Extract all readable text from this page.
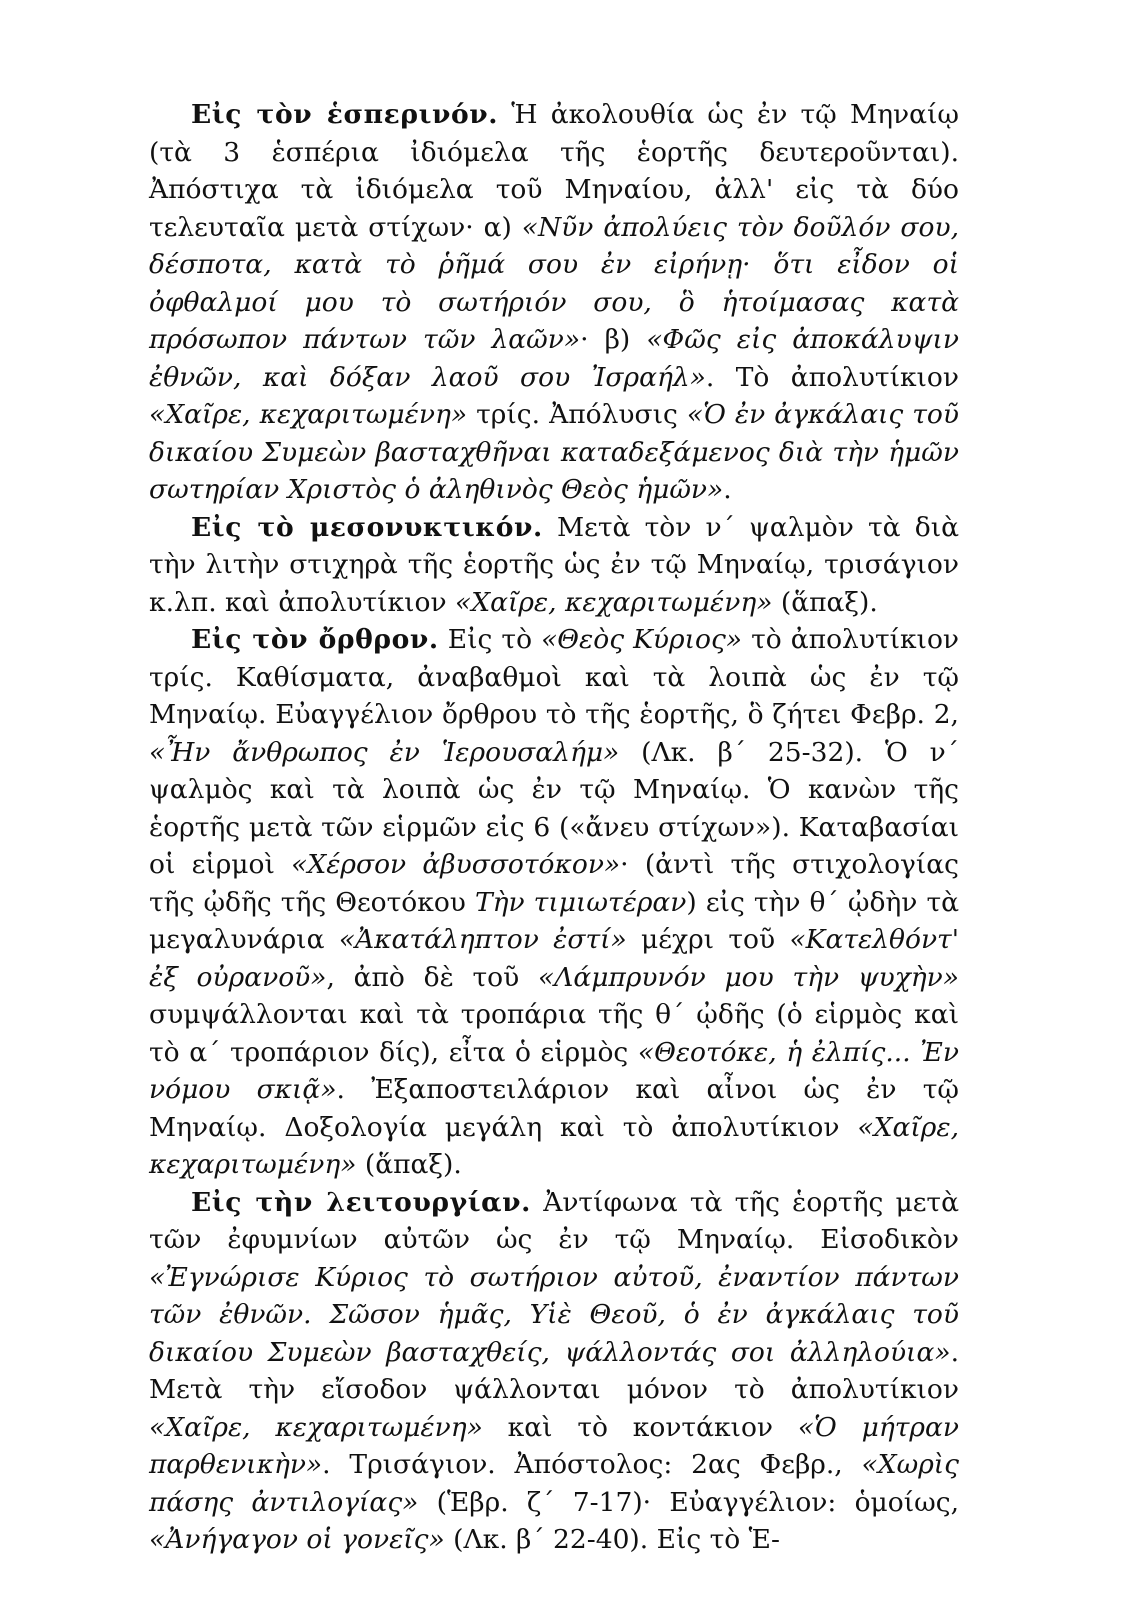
Εἰς τὸν ἑσπερινόν. Ἡ ἀκολουθία ὡς ἐν τῷ Μηναίῳ (τὰ 3 ἑσπέρια ἰδιόμελα τῆς ἑορτῆς δευτεροῦνται). Ἀπόστιχα τὰ ἰδιόμελα τοῦ Μηναίου, ἀλλ' εἰς τὰ δύο τελευταῖα μετὰ στίχων· α) «Νῦν ἀπολύεις τὸν δοῦλόν σου, δέσποτα, κατὰ τὸ ῥῆμά σου ἐν εἰρήνῃ· ὅτι εἶδον οἱ ὀφθαλμοί μου τὸ σωτήριόν σου, ὃ ἡτοίμασας κατὰ πρόσωπον πάντων τῶν λαῶν»· β) «Φῶς εἰς ἀποκάλυψιν ἐθνῶν, καὶ δόξαν λαοῦ σου Ἰσραήλ». Τὸ ἀπολυτίκιον «Χαῖρε, κεχαριτωμένη» τρίς. Ἀπόλυσις «Ὁ ἐν ἀγκάλαις τοῦ δικαίου Συμεὼν βασταχθῆναι καταδεξάμενος διὰ τὴν ἡμῶν σωτηρίαν Χριστὸς ὁ ἀληθινὸς Θεὸς ἡμῶν».

Εἰς τὸ μεσονυκτικόν. Μετὰ τὸν ν΄ ψαλμὸν τὰ διὰ τὴν λιτὴν στιχηρὰ τῆς ἑορτῆς ὡς ἐν τῷ Μηναίῳ, τρισάγιον κ.λπ. καὶ ἀπολυτίκιον «Χαῖρε, κεχαριτωμένη» (ἅπαξ).

Εἰς τὸν ὄρθρον. Εἰς τὸ «Θεὸς Κύριος» τὸ ἀπολυτίκιον τρίς. Καθίσματα, ἀναβαθμοὶ καὶ τὰ λοιπὰ ὡς ἐν τῷ Μηναίῳ. Εὐαγγέλιον ὄρθρου τὸ τῆς ἑορτῆς, ὃ ζήτει Φεβρ. 2, «Ἦν ἄνθρωπος ἐν Ἱερουσαλήμ» (Λκ. β΄ 25-32). Ὁ ν΄ ψαλμὸς καὶ τὰ λοιπὰ ὡς ἐν τῷ Μηναίῳ. Ὁ κανὼν τῆς ἑορτῆς μετὰ τῶν εἱρμῶν εἰς 6 («ἄνευ στίχων»). Καταβασίαι οἱ εἱρμοὶ «Χέρσον ἀβυσσοτόκον»· (ἀντὶ τῆς στιχολογίας τῆς ᾠδῆς τῆς Θεοτόκου Τὴν τιμιωτέραν) εἰς τὴν θ΄ ᾠδὴν τὰ μεγαλυνάρια «Ἀκατάληπτον ἐστί» μέχρι τοῦ «Κατελθόντ' ἐξ οὐρανοῦ», ἀπὸ δὲ τοῦ «Λάμπρυνόν μου τὴν ψυχὴν» συμψάλλονται καὶ τὰ τροπάρια τῆς θ΄ ᾠδῆς (ὁ εἱρμὸς καὶ τὸ α΄ τροπάριον δίς), εἶτα ὁ εἱρμὸς «Θεοτόκε, ἡ ἐλπίς... Ἐν νόμου σκιᾷ». Ἐξαποστειλάριον καὶ αἶνοι ὡς ἐν τῷ Μηναίῳ. Δοξολογία μεγάλη καὶ τὸ ἀπολυτίκιον «Χαῖρε, κεχαριτωμένη» (ἅπαξ).

Εἰς τὴν λειτουργίαν. Ἀντίφωνα τὰ τῆς ἑορτῆς μετὰ τῶν ἐφυμνίων αὐτῶν ὡς ἐν τῷ Μηναίῳ. Εἰσοδικὸν «Ἐγνώρισε Κύριος τὸ σωτήριον αὐτοῦ, ἐναντίον πάντων τῶν ἐθνῶν. Σῶσον ἡμᾶς, Υἱὲ Θεοῦ, ὁ ἐν ἀγκάλαις τοῦ δικαίου Συμεὼν βασταχθείς, ψάλλοντάς σοι ἀλληλούια». Μετὰ τὴν εἴσοδον ψάλλονται μόνον τὸ ἀπολυτίκιον «Χαῖρε, κεχαριτωμένη» καὶ τὸ κοντάκιον «Ὁ μήτραν παρθενικὴν». Τρισάγιον. Ἀπόστολος: 2ας Φεβρ., «Χωρὶς πάσης ἀντιλογίας» (Ἑβρ. ζ΄ 7-17)· Εὐαγγέλιον: ὁμοίως, «Ἀνήγαγον οἱ γονεῖς» (Λκ. β΄ 22-40). Εἰς τὸ Ἑ-
